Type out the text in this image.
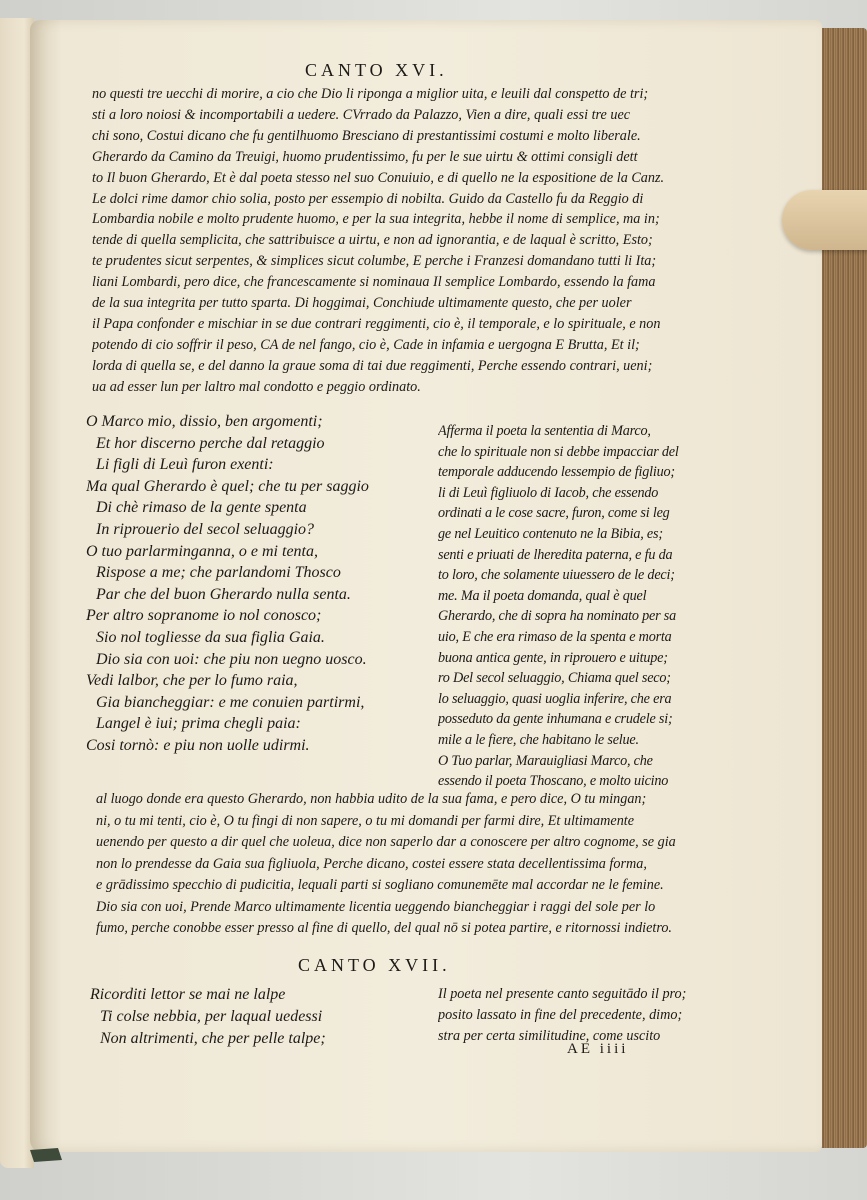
CANTO XVI.
no questi tre uecchi di morire, a cio che Dio li riponga a miglior uita, e leuili dal conspetto de tri;
sti a loro noiosi & incomportabili a uedere. CVrrado da Palazzo, Vien a dire, quali essi tre uec
chi sono, Costui dicano che fu gentilhuomo Bresciano di prestantissimi costumi e molto liberale.
Gherardo da Camino da Treuigi, huomo prudentissimo, fu per le sue uirtu & ottimi consigli dett
to Il buon Gherardo, Et è dal poeta stesso nel suo Conuiuio, e di quello ne la espositione de la Canz.
Le dolci rime damor chio solia, posto per essempio di nobilta. Guido da Castello fu da Reggio di
Lombardia nobile e molto prudente huomo, e per la sua integrita, hebbe il nome di semplice, ma in;
tende di quella semplicita, che sattribuisce a uirtu, e non ad ignorantia, e de laqual è scritto, Esto;
te prudentes sicut serpentes, & simplices sicut columbe, E perche i Franzesi domandano tutti li Ita;
liani Lombardi, pero dice, che francescamente si nominaua Il semplice Lombardo, essendo la fama
de la sua integrita per tutto sparta. Di hoggimai, Conchiude ultimamente questo, che per uoler
il Papa confonder e mischiar in se due contrari reggimenti, cio è, il temporale, e lo spirituale, e non
potendo di cio soffrir il peso, CA de nel fango, cio è, Cade in infamia e uergogna E Brutta, Et il;
lorda di quella se, e del danno la graue soma di tai due reggimenti, Perche essendo contrari, ueni;
ua ad esser lun per laltro mal condotto e peggio ordinato.
O Marco mio, dissio, ben argomenti;
Et hor discerno perche dal retaggio
Li figli di Leuì furon exenti:
Ma qual Gherardo è quel; che tu per saggio
Di chè rimaso de la gente spenta
In riprouerio del secol seluaggio?
O tuo parlarminganna, o e mi tenta,
Rispose a me; che parlandomi Thosco
Par che del buon Gherardo nulla senta.
Per altro sopranome io nol conosco;
Sio nol togliesse da sua figlia Gaia.
Dio sia con uoi: che piu non uegno uosco.
Vedi lalbor, che per lo fumo raia,
Gia biancheggiar: e me conuien partirmi,
Langel è iui; prima chegli paia:
Cosi tornò: e piu non uolle udirmi.
Afferma il poeta la sententia di Marco,
che lo spirituale non si debbe impacciar del
temporale adducendo lessempio de figliuo;
li di Leuì figliuolo di Iacob, che essendo
ordinati a le cose sacre, furon, come si leg
ge nel Leuitico contenuto ne la Bibia, es;
senti e priuati de lheredita paterna, e fu da
to loro, che solamente uiuessero de le deci;
me. Ma il poeta domanda, qual è quel
Gherardo, che di sopra ha nominato per sa
uio, E che era rimaso de la spenta e morta
buona antica gente, in riprouero e uitupe;
ro Del secol seluaggio, Chiama quel seco;
lo seluaggio, quasi uoglia inferire, che era
posseduto da gente inhumana e crudele si;
mile a le fiere, che habitano le selue.
O Tuo parlar, Marauigliasi Marco, che
essendo il poeta Thoscano, e molto uicino
al luogo donde era questo Gherardo, non habbia udito de la sua fama, e pero dice, O tu mingan;
ni, o tu mi tenti, cio è, O tu fingi di non sapere, o tu mi domandi per farmi dire, Et ultimamente
uenendo per questo a dir quel che uoleua, dice non saperlo dar a conoscere per altro cognome, se gia
non lo prendesse da Gaia sua figliuola, Perche dicano, costei essere stata decellentissima forma,
e grādissimo specchio di pudicitia, lequali parti si sogliano comunemēte mal accordar ne le femine.
Dio sia con uoi, Prende Marco ultimamente licentia ueggendo biancheggiar i raggi del sole per lo
fumo, perche conobbe esser presso al fine di quello, del qual nō si potea partire, e ritornossi indietro.
CANTO XVII.
Ricorditi lettor se mai ne lalpe
Ti colse nebbia, per laqual uedessi
Non altrimenti, che per pelle talpe;
Il poeta nel presente canto seguitādo il pro;
posito lassato in fine del precedente, dimo;
stra per certa similitudine, come uscito
AE iiii
